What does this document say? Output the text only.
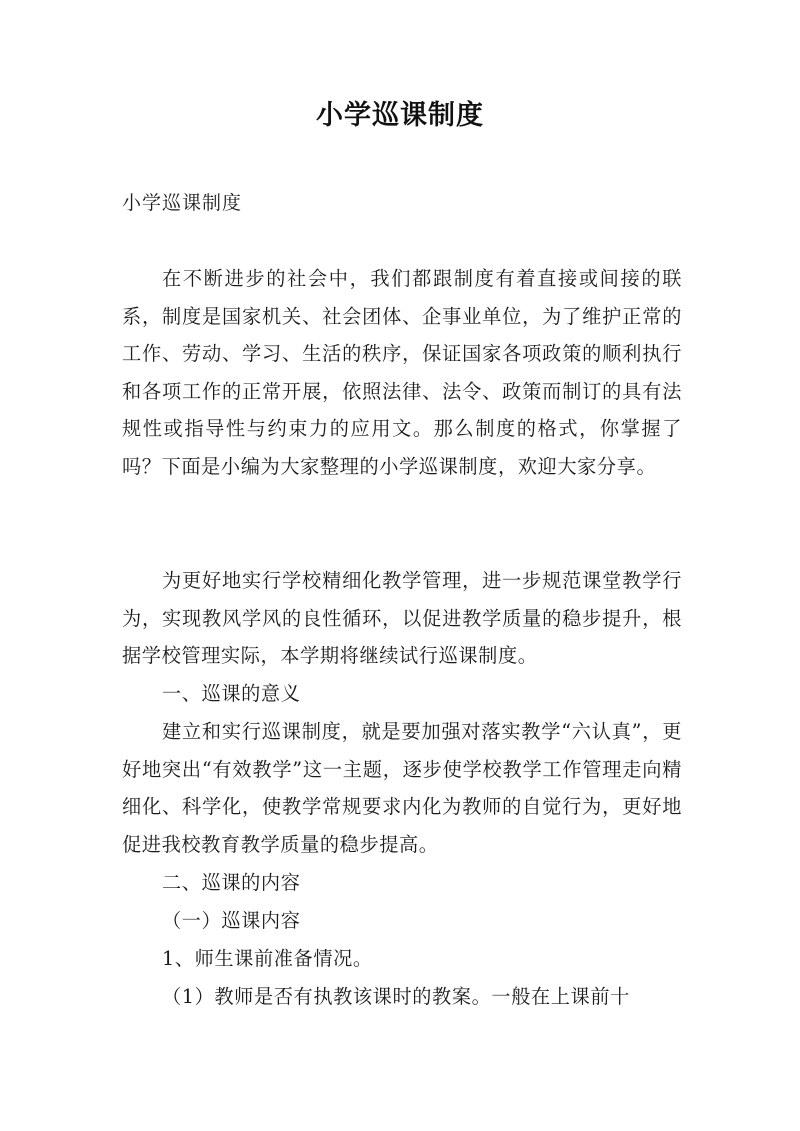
小学巡课制度
小学巡课制度

在不断进步的社会中，我们都跟制度有着直接或间接的联系，制度是国家机关、社会团体、企事业单位，为了维护正常的工作、劳动、学习、生活的秩序，保证国家各项政策的顺利执行和各项工作的正常开展，依照法律、法令、政策而制订的具有法规性或指导性与约束力的应用文。那么制度的格式，你掌握了吗？下面是小编为大家整理的小学巡课制度，欢迎大家分享。

为更好地实行学校精细化教学管理，进一步规范课堂教学行为，实现教风学风的良性循环，以促进教学质量的稳步提升，根据学校管理实际，本学期将继续试行巡课制度。

一、巡课的意义

建立和实行巡课制度，就是要加强对落实教学“六认真”，更好地突出“有效教学”这一主题，逐步使学校教学工作管理走向精细化、科学化，使教学常规要求内化为教师的自觉行为，更好地促进我校教育教学质量的稳步提高。

二、巡课的内容
（一）巡课内容
1、师生课前准备情况。
（1）教师是否有执教该课时的教案。一般在上课前十
